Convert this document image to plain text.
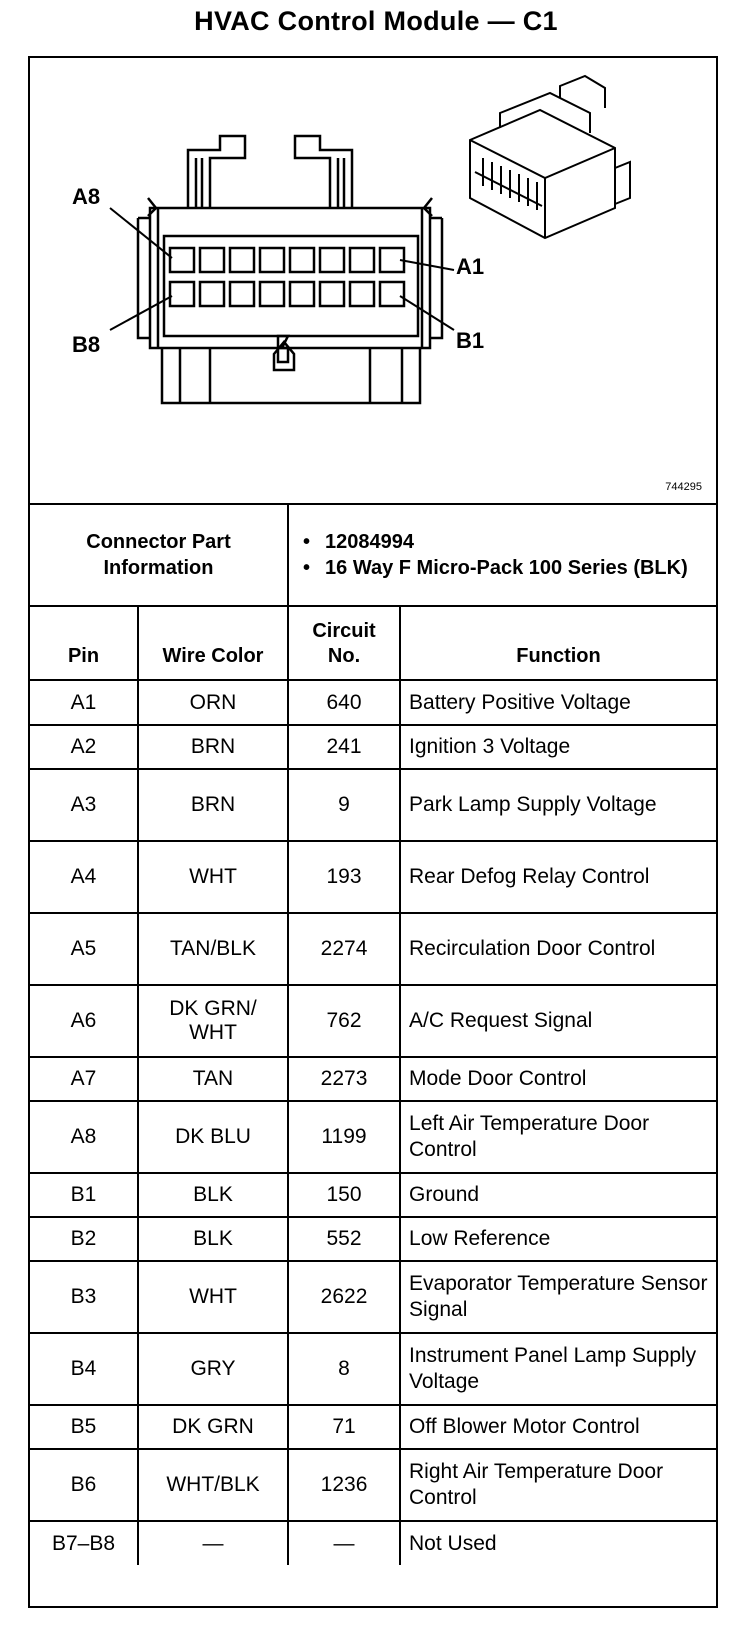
HVAC Control Module — C1
A8
B8
A1
B1
744295
Connector Part Information		• 12084994
• 16 Way F Micro-Pack 100 Series (BLK)

Pin	Wire Color	Circuit No.	Function
A1	ORN	640	Battery Positive Voltage
A2	BRN	241	Ignition 3 Voltage
A3	BRN	9	Park Lamp Supply Voltage
A4	WHT	193	Rear Defog Relay Control
A5	TAN/BLK	2274	Recirculation Door Control
A6	DK GRN/ WHT	762	A/C Request Signal
A7	TAN	2273	Mode Door Control
A8	DK BLU	1199	Left Air Temperature Door Control
B1	BLK	150	Ground
B2	BLK	552	Low Reference
B3	WHT	2622	Evaporator Temperature Sensor Signal
B4	GRY	8	Instrument Panel Lamp Supply Voltage
B5	DK GRN	71	Off Blower Motor Control
B6	WHT/BLK	1236	Right Air Temperature Door Control
B7–B8	—	—	Not Used
